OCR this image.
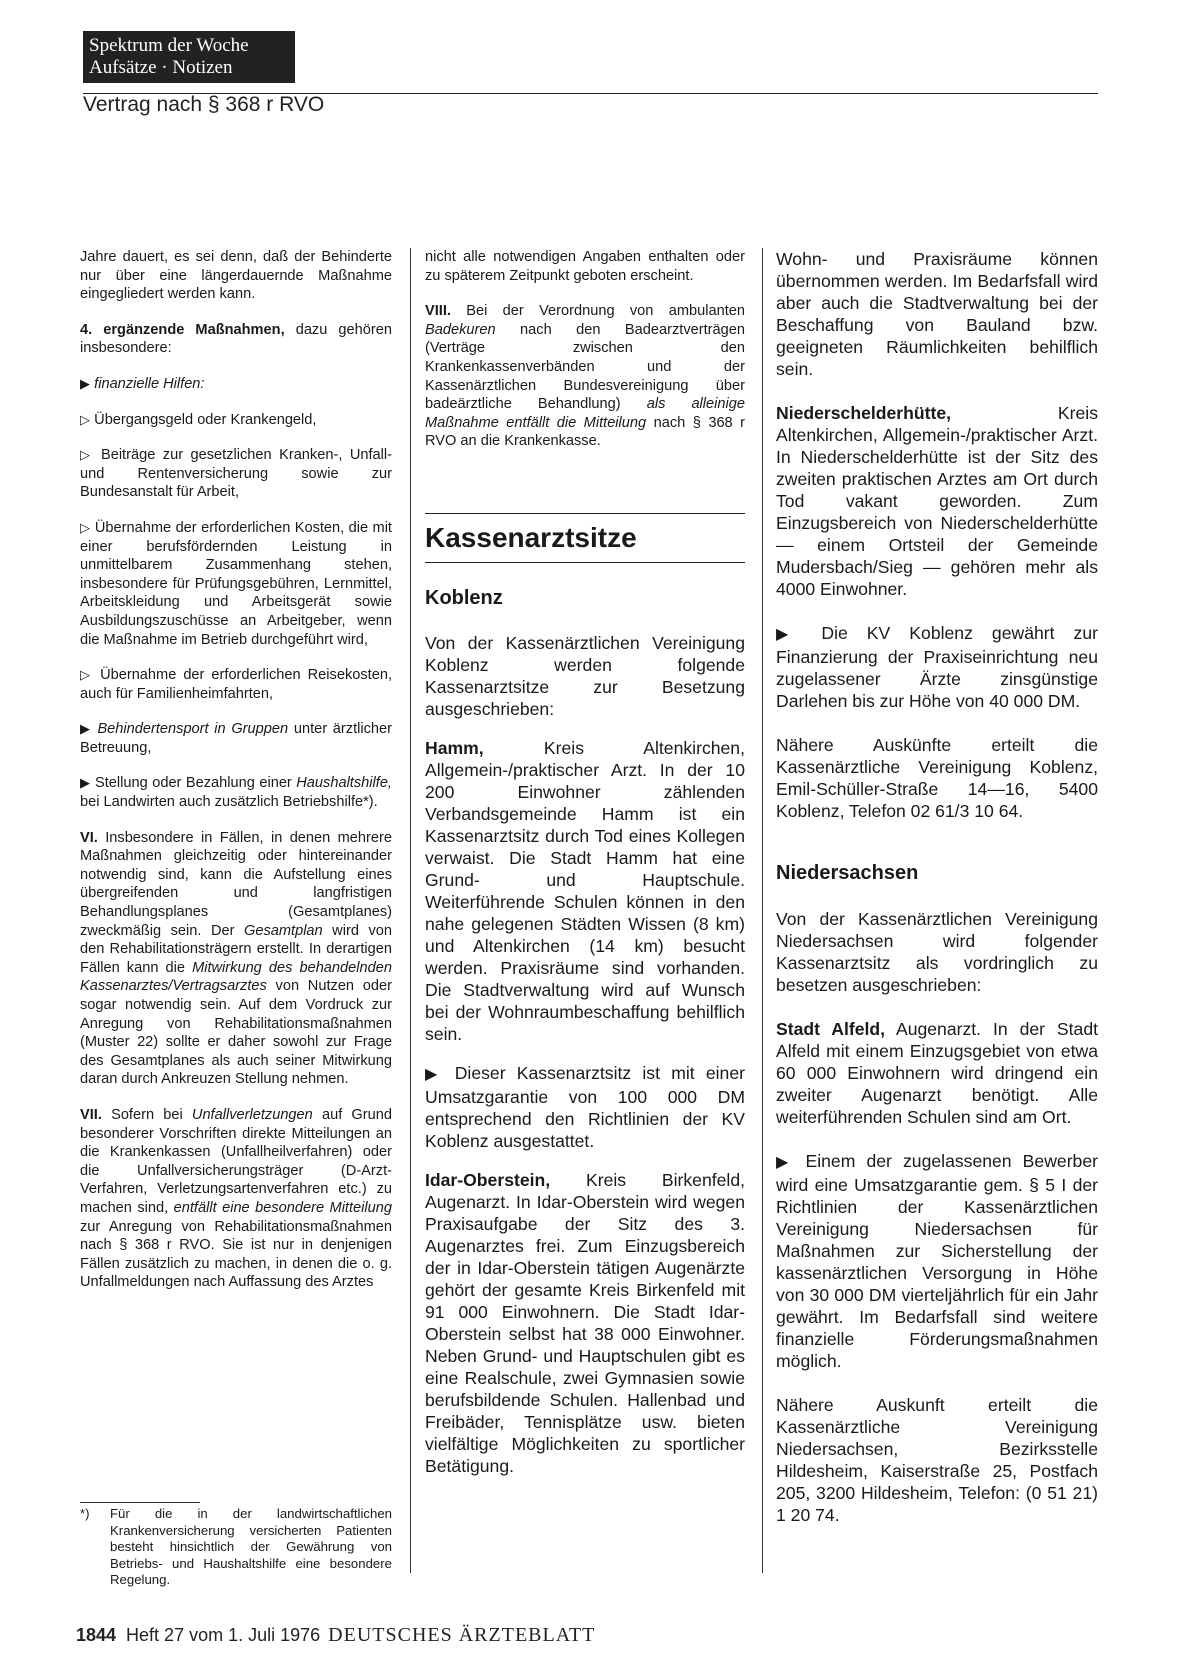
Spektrum der Woche
Aufsätze · Notizen
Vertrag nach § 368 r RVO

Jahre dauert, es sei denn, daß der Behinderte nur über eine längerdauernde Maßnahme eingegliedert werden kann.

4. ergänzende Maßnahmen, dazu gehören insbesondere:

▶ finanzielle Hilfen:

▷ Übergangsgeld oder Krankengeld,

▷ Beiträge zur gesetzlichen Kranken-, Unfall- und Rentenversicherung sowie zur Bundesanstalt für Arbeit,

▷ Übernahme der erforderlichen Kosten, die mit einer berufsfördernden Leistung in unmittelbarem Zusammenhang stehen, insbesondere für Prüfungsgebühren, Lernmittel, Arbeitskleidung und Arbeitsgerät sowie Ausbildungszuschüsse an Arbeitgeber, wenn die Maßnahme im Betrieb durchgeführt wird,

▷ Übernahme der erforderlichen Reisekosten, auch für Familienheimfahrten,

▶ Behindertensport in Gruppen unter ärztlicher Betreuung,

▶ Stellung oder Bezahlung einer Haushaltshilfe, bei Landwirten auch zusätzlich Betriebshilfe*).

VI. Insbesondere in Fällen, in denen mehrere Maßnahmen gleichzeitig oder hintereinander notwendig sind, kann die Aufstellung eines übergreifenden und langfristigen Behandlungsplanes (Gesamtplanes) zweckmäßig sein. Der Gesamtplan wird von den Rehabilitationsträgern erstellt. In derartigen Fällen kann die Mitwirkung des behandelnden Kassenarztes/Vertragsarztes von Nutzen oder sogar notwendig sein. Auf dem Vordruck zur Anregung von Rehabilitationsmaßnahmen (Muster 22) sollte er daher sowohl zur Frage des Gesamtplanes als auch seiner Mitwirkung daran durch Ankreuzen Stellung nehmen.

VII. Sofern bei Unfallverletzungen auf Grund besonderer Vorschriften direkte Mitteilungen an die Krankenkassen (Unfallheilverfahren) oder die Unfallversicherungsträger (D-Arzt-Verfahren, Verletzungsartenverfahren etc.) zu machen sind, entfällt eine besondere Mitteilung zur Anregung von Rehabilitationsmaßnahmen nach § 368 r RVO. Sie ist nur in denjenigen Fällen zusätzlich zu machen, in denen die o. g. Unfallmeldungen nach Auffassung des Arztes

*) Für die in der landwirtschaftlichen Krankenversicherung versicherten Patienten besteht hinsichtlich der Gewährung von Betriebs- und Haushaltshilfe eine besondere Regelung.

nicht alle notwendigen Angaben enthalten oder zu späterem Zeitpunkt geboten erscheint.

VIII. Bei der Verordnung von ambulanten Badekuren nach den Badearztverträgen (Verträge zwischen den Krankenkassenverbänden und der Kassenärztlichen Bundesvereinigung über badeärztliche Behandlung) als alleinige Maßnahme entfällt die Mitteilung nach § 368 r RVO an die Krankenkasse.

Kassenarztsitze
Koblenz

Von der Kassenärztlichen Vereinigung Koblenz werden folgende Kassenarztsitze zur Besetzung ausgeschrieben:

Hamm, Kreis Altenkirchen, Allgemein-/praktischer Arzt. In der 10 200 Einwohner zählenden Verbandsgemeinde Hamm ist ein Kassenarztsitz durch Tod eines Kollegen verwaist. Die Stadt Hamm hat eine Grund- und Hauptschule. Weiterführende Schulen können in den nahe gelegenen Städten Wissen (8 km) und Altenkirchen (14 km) besucht werden. Praxisräume sind vorhanden. Die Stadtverwaltung wird auf Wunsch bei der Wohnraumbeschaffung behilflich sein.

▶ Dieser Kassenarztsitz ist mit einer Umsatzgarantie von 100 000 DM entsprechend den Richtlinien der KV Koblenz ausgestattet.

Idar-Oberstein, Kreis Birkenfeld, Augenarzt. In Idar-Oberstein wird wegen Praxisaufgabe der Sitz des 3. Augenarztes frei. Zum Einzugsbereich der in Idar-Oberstein tätigen Augenärzte gehört der gesamte Kreis Birkenfeld mit 91 000 Einwohnern. Die Stadt Idar-Oberstein selbst hat 38 000 Einwohner. Neben Grund- und Hauptschulen gibt es eine Realschule, zwei Gymnasien sowie berufsbildende Schulen. Hallenbad und Freibäder, Tennisplätze usw. bieten vielfältige Möglichkeiten zu sportlicher Betätigung.

Wohn- und Praxisräume können übernommen werden. Im Bedarfsfall wird aber auch die Stadtverwaltung bei der Beschaffung von Bauland bzw. geeigneten Räumlichkeiten behilflich sein.

Niederschelderhütte, Kreis Altenkirchen, Allgemein-/praktischer Arzt. In Niederschelderhütte ist der Sitz des zweiten praktischen Arztes am Ort durch Tod vakant geworden. Zum Einzugsbereich von Niederschelderhütte — einem Ortsteil der Gemeinde Mudersbach/Sieg — gehören mehr als 4000 Einwohner.

▶ Die KV Koblenz gewährt zur Finanzierung der Praxiseinrichtung neu zugelassener Ärzte zinsgünstige Darlehen bis zur Höhe von 40 000 DM.

Nähere Auskünfte erteilt die Kassenärztliche Vereinigung Koblenz, Emil-Schüller-Straße 14—16, 5400 Koblenz, Telefon 02 61/3 10 64.

Niedersachsen

Von der Kassenärztlichen Vereinigung Niedersachsen wird folgender Kassenarztsitz als vordringlich zu besetzen ausgeschrieben:

Stadt Alfeld, Augenarzt. In der Stadt Alfeld mit einem Einzugsgebiet von etwa 60 000 Einwohnern wird dringend ein zweiter Augenarzt benötigt. Alle weiterführenden Schulen sind am Ort.

▶ Einem der zugelassenen Bewerber wird eine Umsatzgarantie gem. § 5 I der Richtlinien der Kassenärztlichen Vereinigung Niedersachsen für Maßnahmen zur Sicherstellung der kassenärztlichen Versorgung in Höhe von 30 000 DM vierteljährlich für ein Jahr gewährt. Im Bedarfsfall sind weitere finanzielle Förderungsmaßnahmen möglich.

Nähere Auskunft erteilt die Kassenärztliche Vereinigung Niedersachsen, Bezirksstelle Hildesheim, Kaiserstraße 25, Postfach 205, 3200 Hildesheim, Telefon: (0 51 21) 1 20 74.

1844 Heft 27 vom 1. Juli 1976 DEUTSCHES ÄRZTEBLATT
